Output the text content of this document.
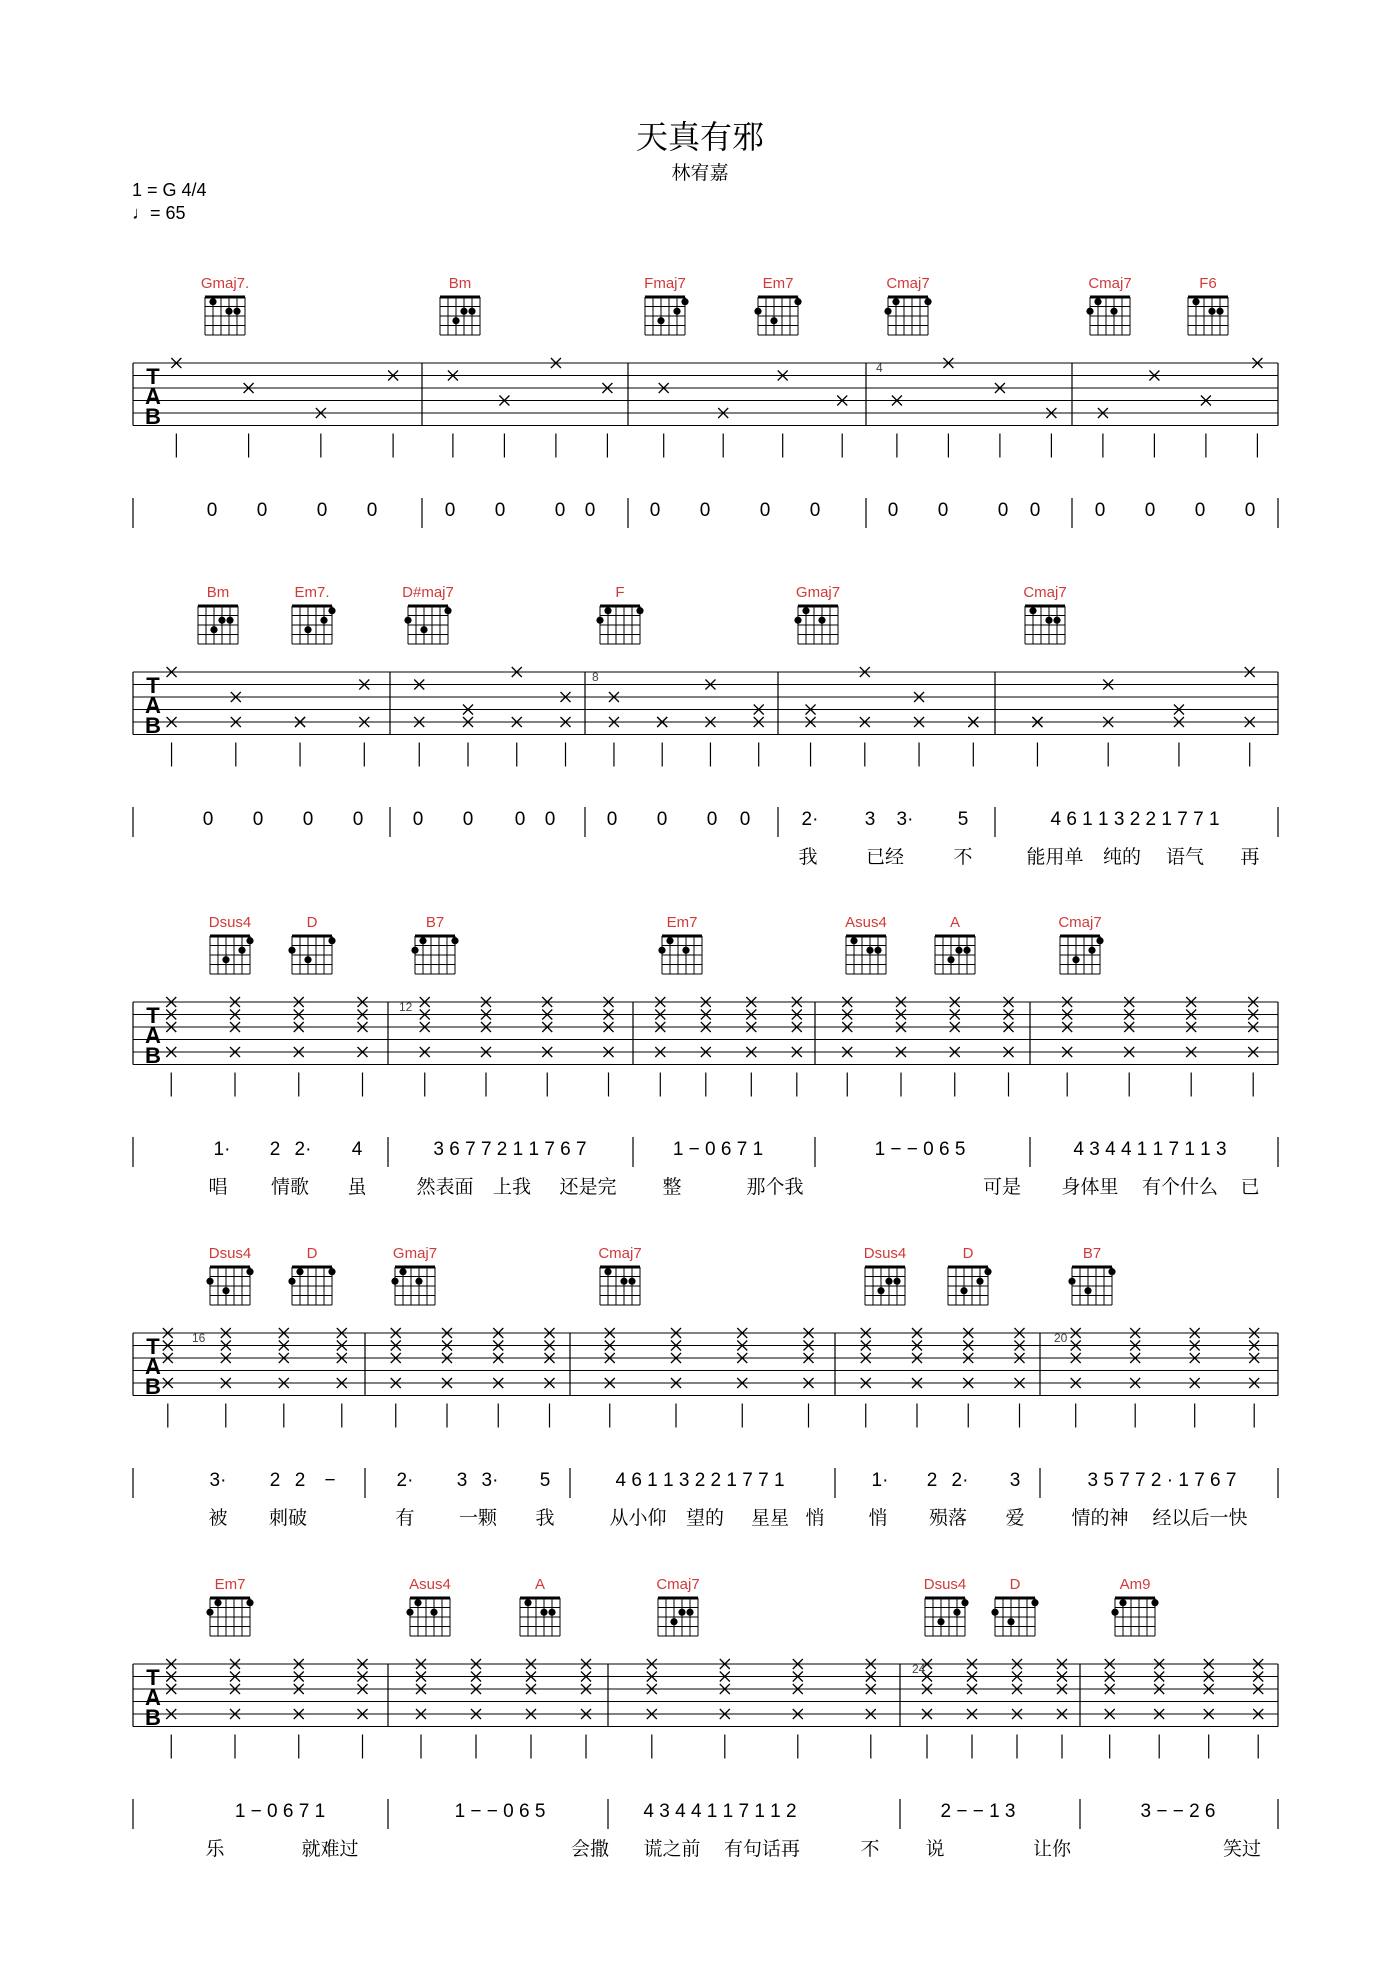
天真有邪
林宥嘉
1 = G 4/4
♩= 65
Gmaj7.	Bm	Fmaj7	Em7	Cmaj7	Cmaj7	F6
T
A
B
4
0 0	0 0	0 0	0 0	0 0	0 0	0 0	0 0	0 0 0 0
Bm	Em7.	D#maj7	F	Gmaj7	Cmaj7
T
A
B
8
0 0 0 0	0 0 0 0	0 0 0 0	2· 3 3· 5	4 6 1 1 3 2 2 1 7 7 1
我	已经	不	能用单 纯的 语气 再
Dsus4	D	B7	Em7	Asus4	A	Cmaj7
T
A
B
12
1· 2 2· 4	3 6 7 7 2 1 1 7 6 7	1 − 0 6 7 1	1 − − 0 6 5	4 3 4 4 1 1 7 1 1 3
唱 情歌 虽	然表面 上我 还是完 整	那个我	可是 身体里 有个什么 已
Dsus4	D	Gmaj7	Cmaj7	Dsus4	D	B7
T
A
B
16	20
3· 2 2 −	2· 3 3· 5	4 6 1 1 3 2 2 1 7 7 1	1· 2 2· 3	3 5 7 7 2 · 1 7 6 7
被 刺破	有 一颗 我	从小仰 望的 星星 悄 悄 殒落 爱 情的神 经以后一快
Em7	Asus4	A	Cmaj7	Dsus4	D	Am9
T
A
B
24
1 − 0 6 7 1	1 − − 0 6 5	4 3 4 4 1 1 7 1 1 2	2 − − 1 3	3 − − 2 6
乐	就难过	会撒 谎之前 有句话再	不 说	让你	笑过
